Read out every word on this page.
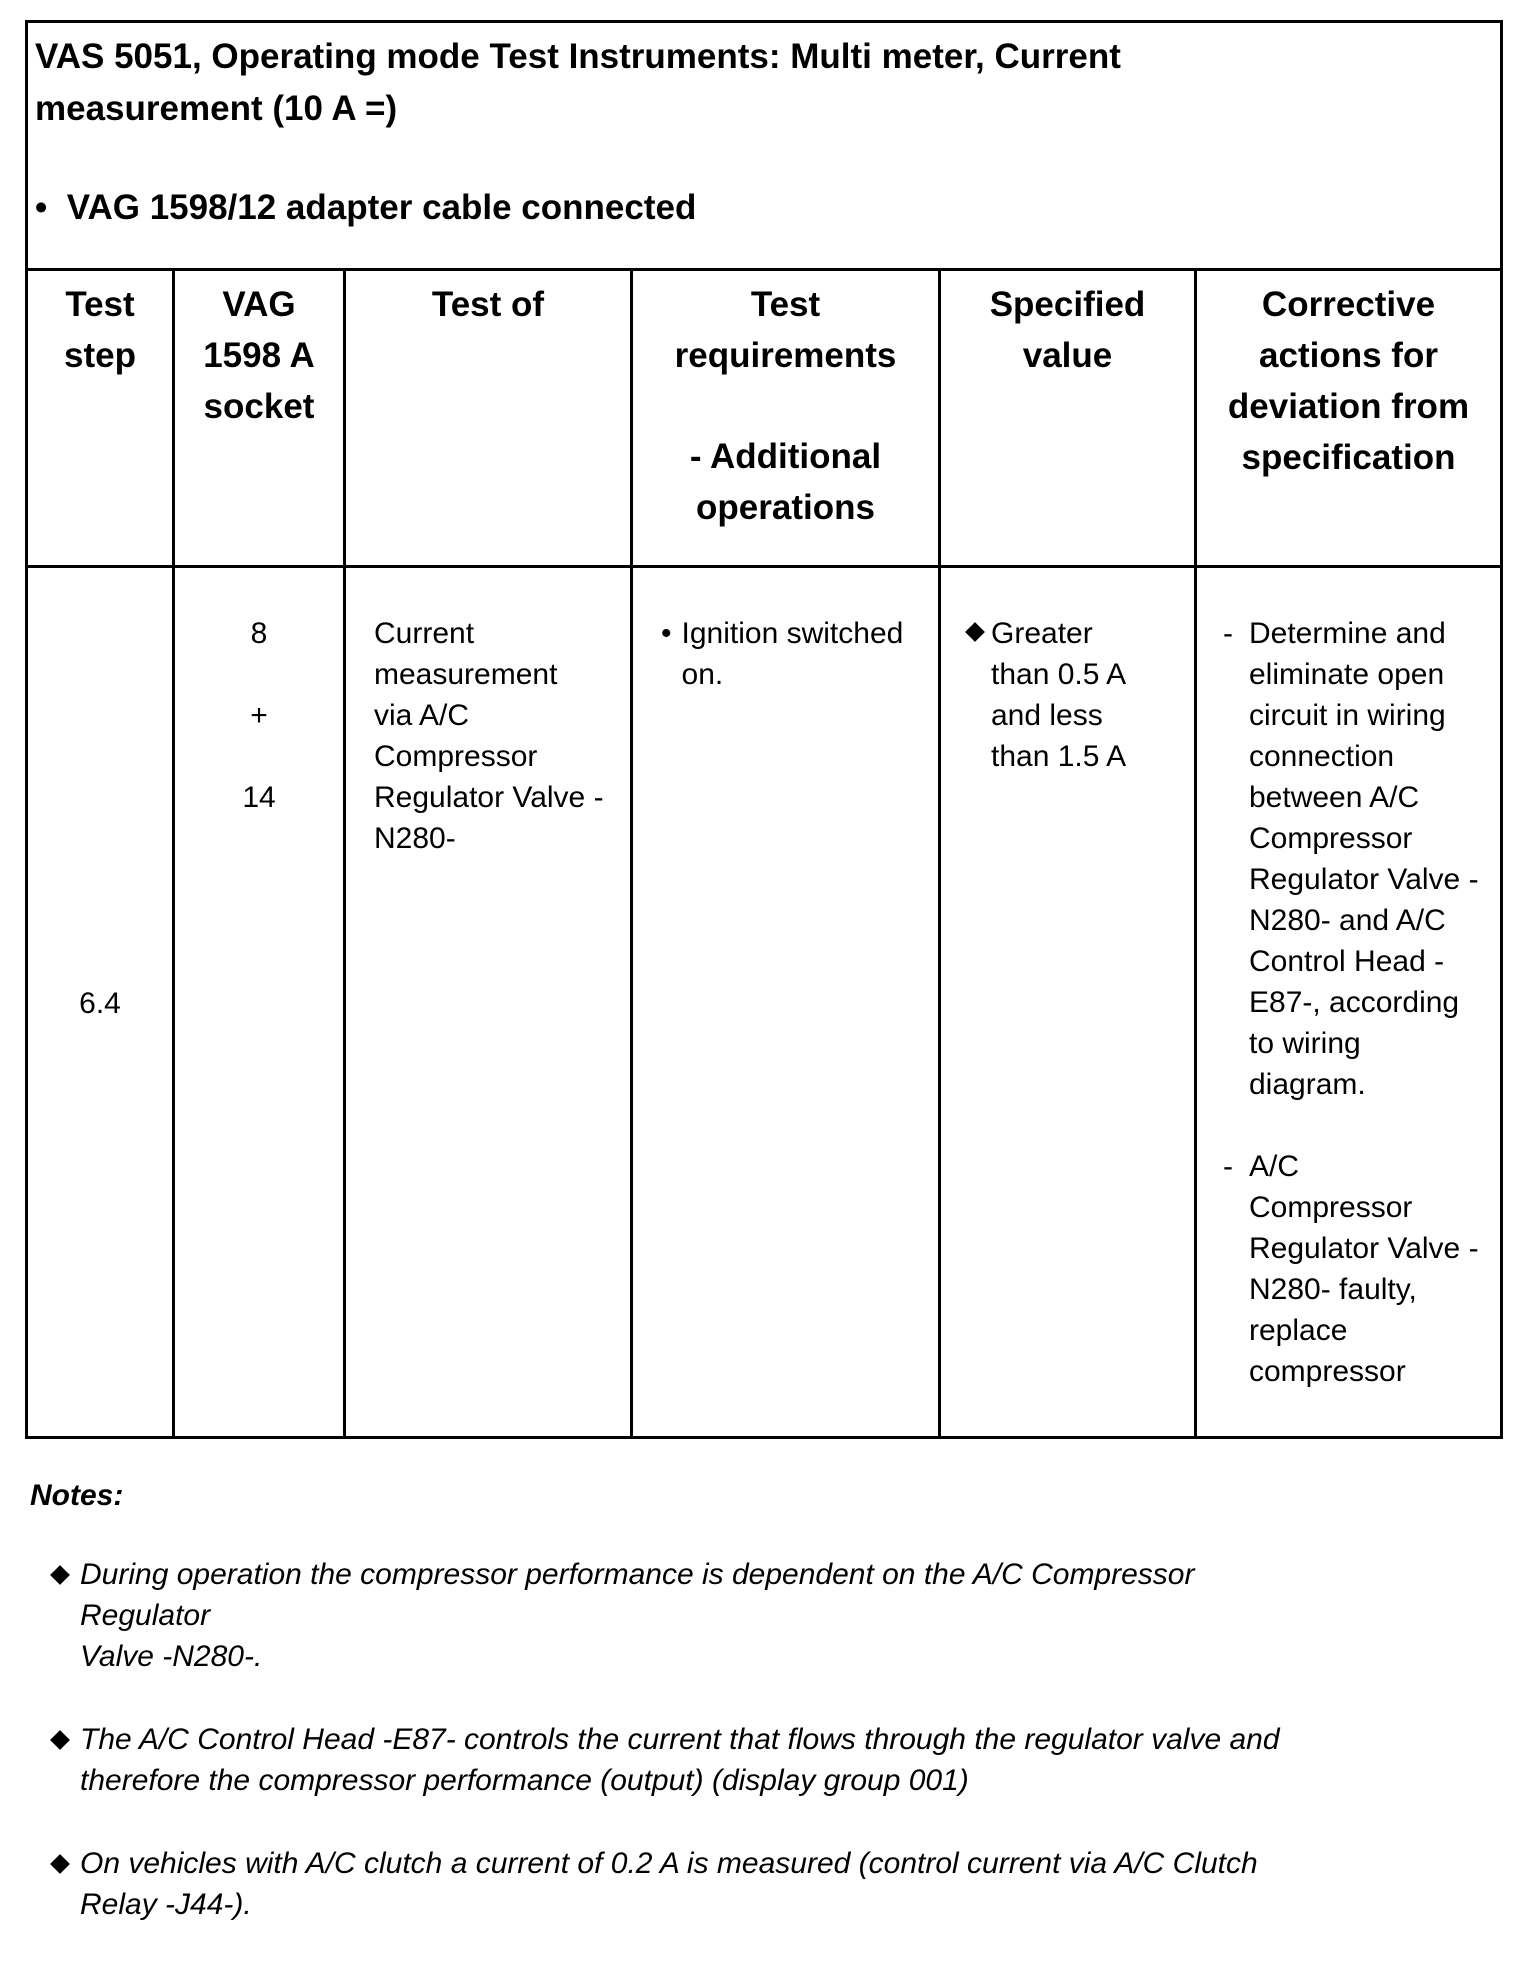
VAS 5051, Operating mode Test Instruments: Multi meter, Current measurement (10 A =)

• VAG 1598/12 adapter cable connected
Test
step
VAG
1598 A
socket
Test of	Test
requirements
- Additional
operations
Specified
value
Corrective
actions for
deviation from
specification
6.4
8
+
14
Current
measurement
via A/C
Compressor
Regulator Valve -
N280-
• Ignition switched
on.
Greater
than 0.5 A
and less
than 1.5 A
- Determine and
eliminate open
circuit in wiring
connection
between A/C
Compressor
Regulator Valve -
N280- and A/C
Control Head -
E87-, according
to wiring
diagram.
- A/C
Compressor
Regulator Valve -
N280- faulty,
replace
compressor
Notes:
During operation the compressor performance is dependent on the A/C Compressor Regulator
Valve -N280-.
The A/C Control Head -E87- controls the current that flows through the regulator valve and
therefore the compressor performance (output) (display group 001)
On vehicles with A/C clutch a current of 0.2 A is measured (control current via A/C Clutch
Relay -J44-).
